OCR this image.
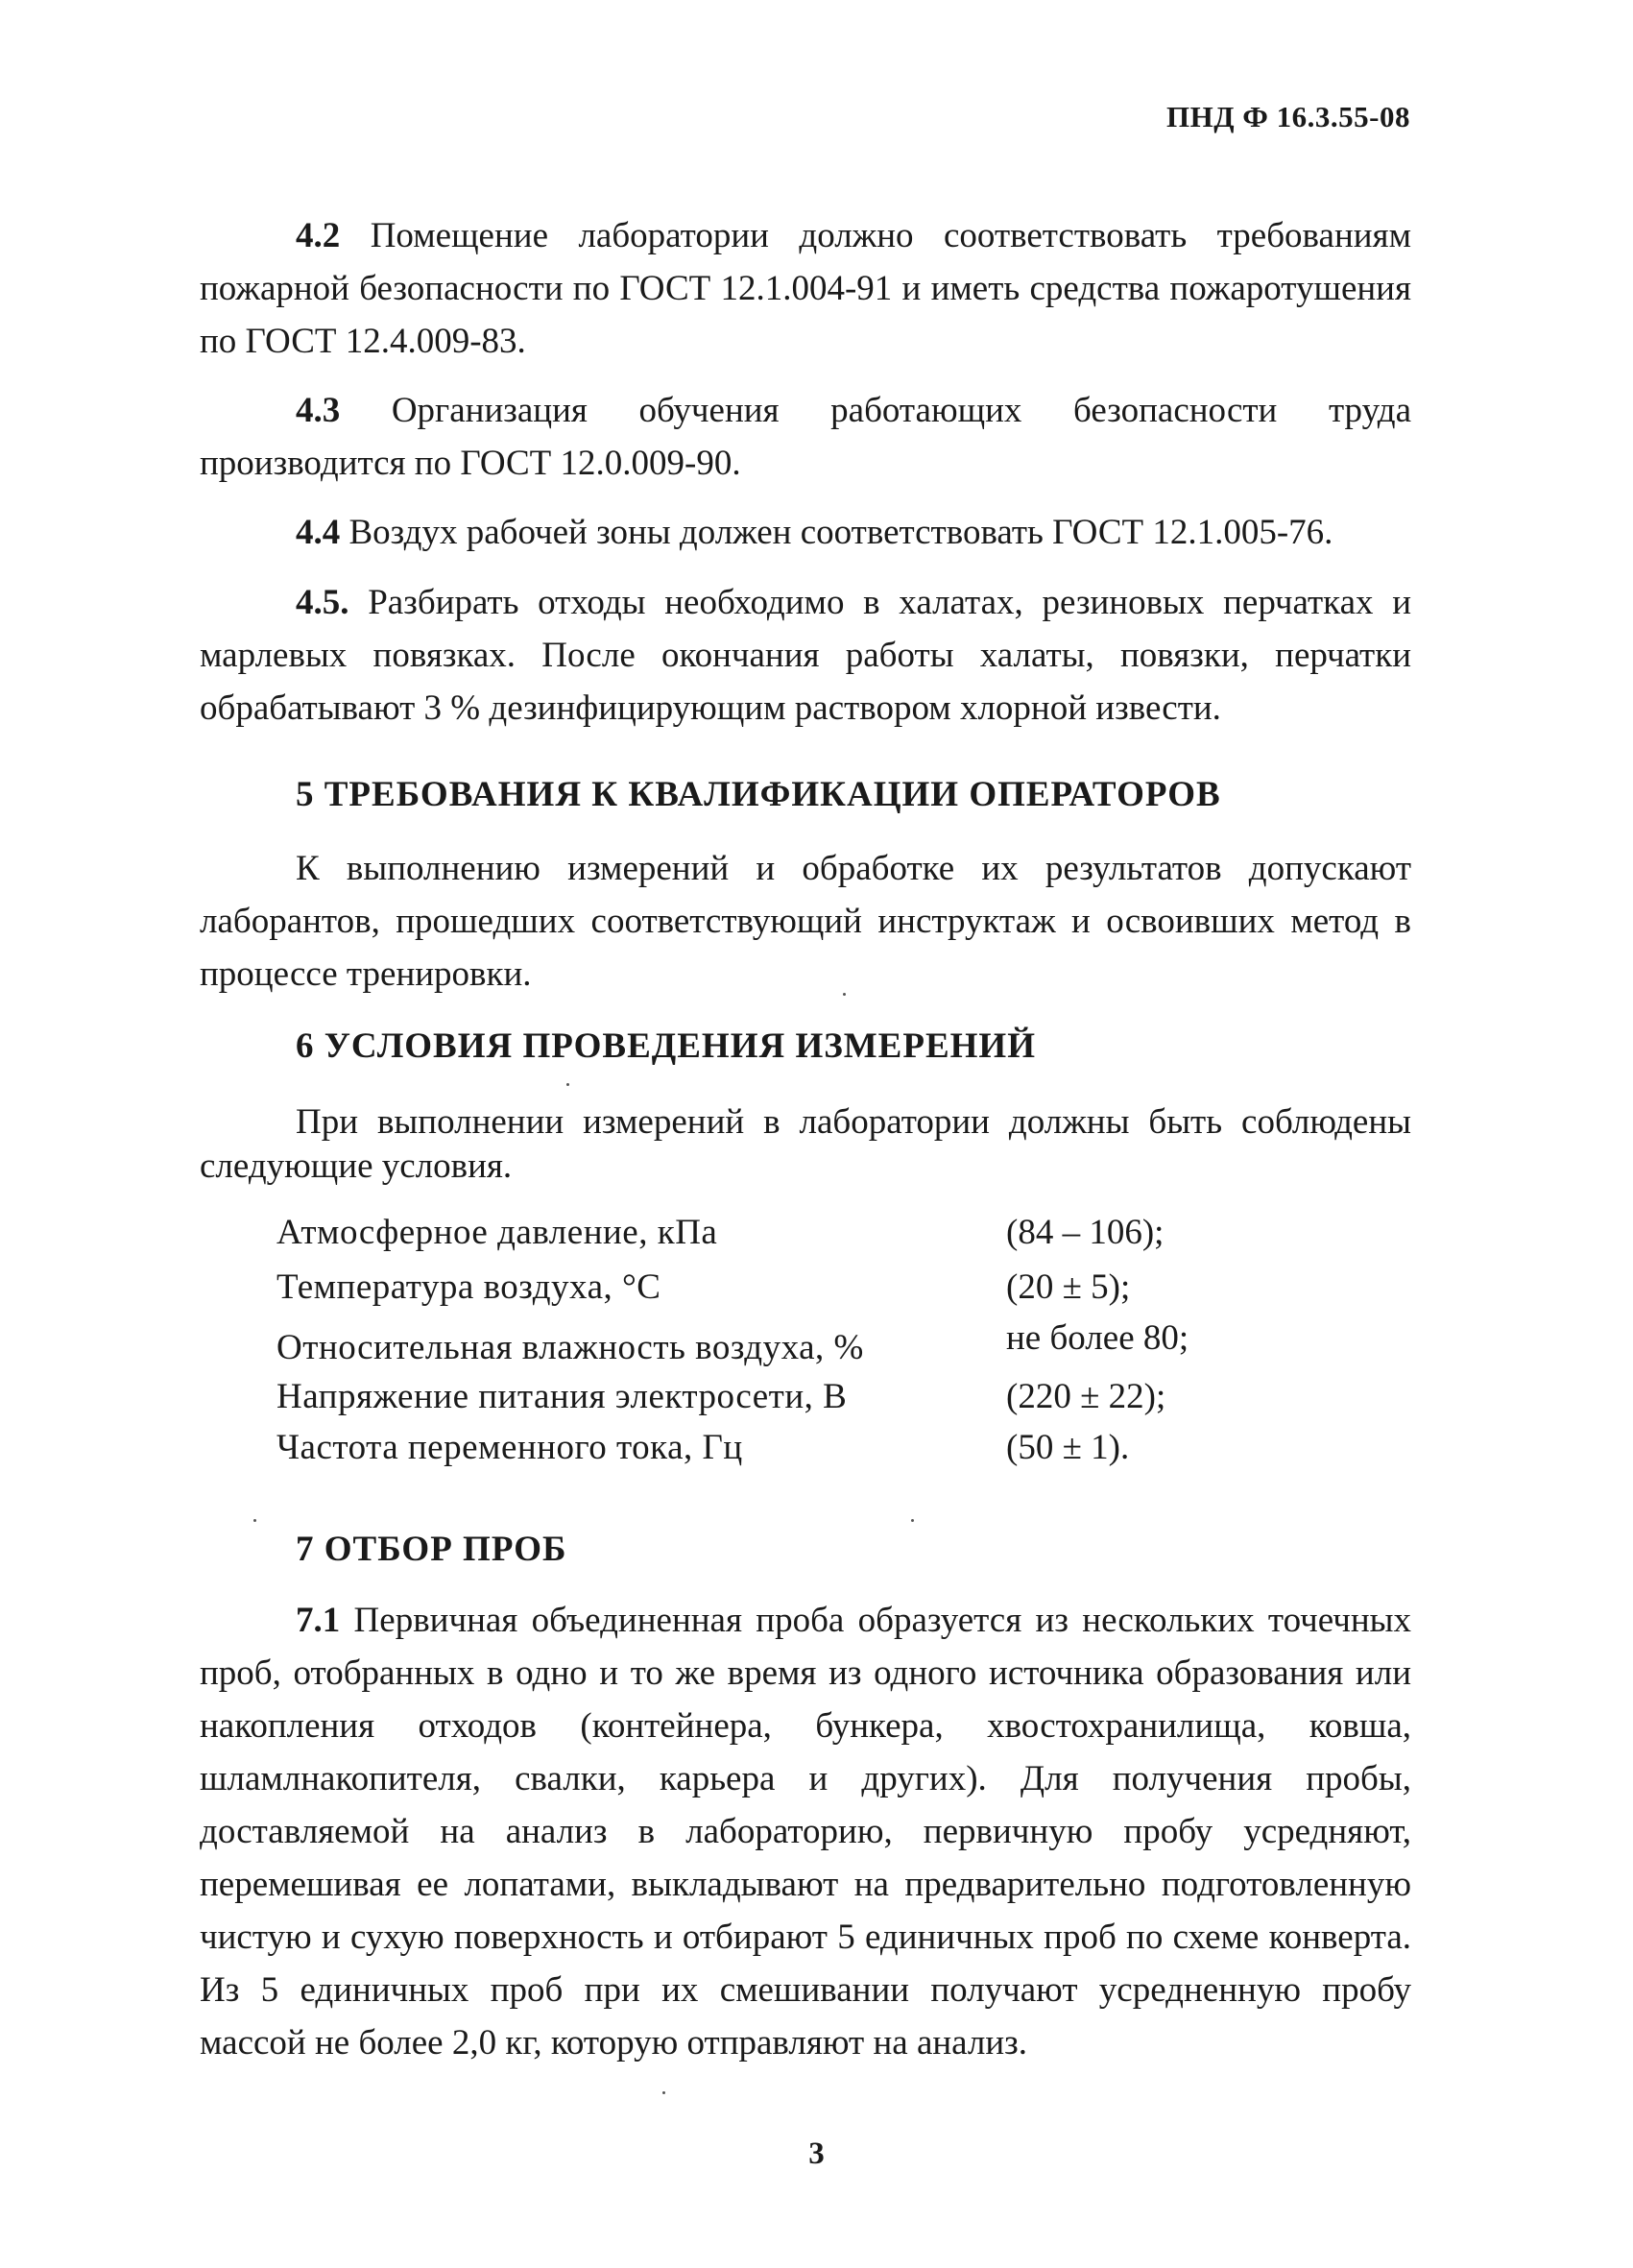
ПНД Ф 16.3.55-08

4.2 Помещение лаборатории должно соответствовать требованиям пожарной безопасности по ГОСТ 12.1.004-91 и иметь средства пожаротушения по ГОСТ 12.4.009-83.

4.3 Организация обучения работающих безопасности труда производится по ГОСТ 12.0.009-90.

4.4 Воздух рабочей зоны должен соответствовать ГОСТ 12.1.005-76.

4.5. Разбирать отходы необходимо в халатах, резиновых перчатках и марлевых повязках. После окончания работы халаты, повязки, перчатки обрабатывают 3 % дезинфицирующим раствором хлорной извести.

5 ТРЕБОВАНИЯ К КВАЛИФИКАЦИИ ОПЕРАТОРОВ

К выполнению измерений и обработке их результатов допускают лаборантов, прошедших соответствующий инструктаж и освоивших метод в процессе тренировки.

6 УСЛОВИЯ ПРОВЕДЕНИЯ ИЗМЕРЕНИЙ

При выполнении измерений в лаборатории должны быть соблюдены следующие условия.

Атмосферное давление, кПа	(84 – 106);
Температура воздуха, °С	(20 ± 5);
Относительная влажность воздуха, %	не более 80;
Напряжение питания электросети, В	(220 ± 22);
Частота переменного тока, Гц	(50 ± 1).
7 ОТБОР ПРОБ

7.1 Первичная объединенная проба образуется из нескольких точечных проб, отобранных в одно и то же время из одного источника образования или накопления отходов (контейнера, бункера, хвостохранилища, ковша, шламлнакопителя, свалки, карьера и других). Для получения пробы, доставляемой на анализ в лабораторию, первичную пробу усредняют, перемешивая ее лопатами, выкладывают на предварительно подготовленную чистую и сухую поверхность и отбирают 5 единичных проб по схеме конверта. Из 5 единичных проб при их смешивании получают усредненную пробу массой не более 2,0 кг, которую отправляют на анализ.

3
